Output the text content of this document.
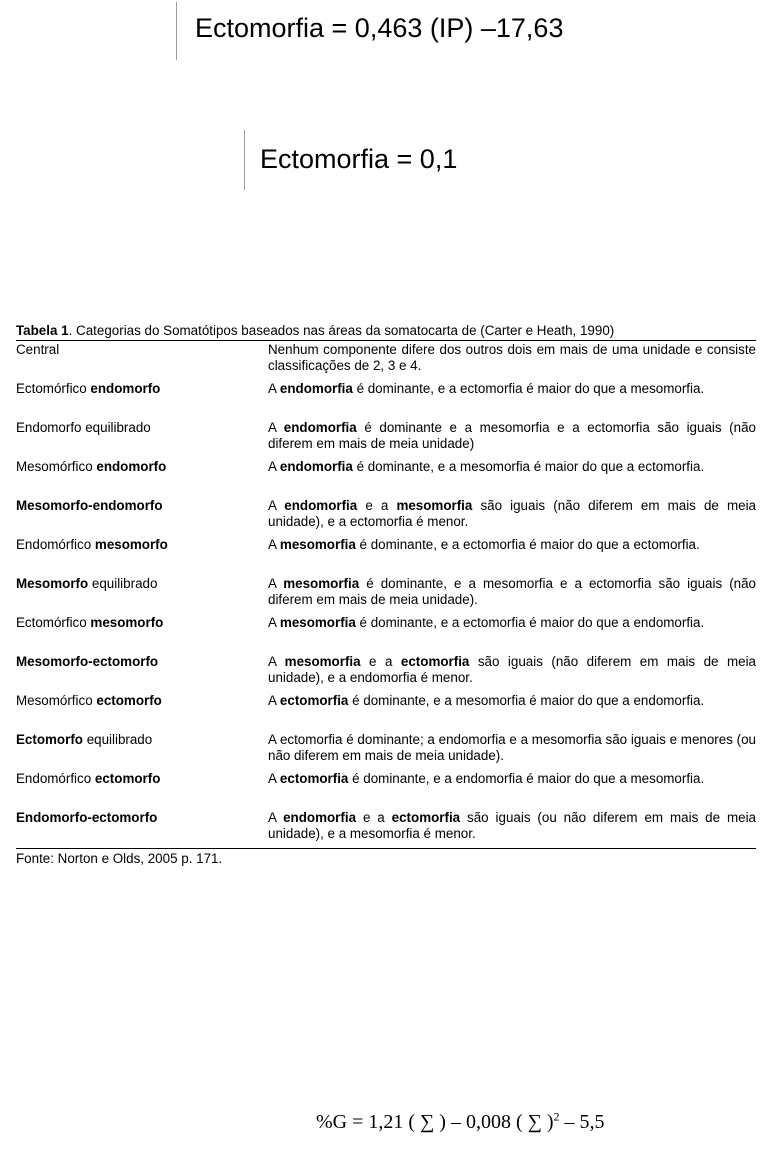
Ectomorfia = 0,463 (IP) –17,63
Ectomorfia = 0,1
Tabela 1. Categorias do Somatótipos baseados nas áreas da somatocarta de (Carter e Heath, 1990)
Central	Nenhum componente difere dos outros dois em mais de uma unidade e consiste classificações de 2, 3 e 4.
Ectomórfico endomorfo	A endomorfia é dominante, e a ectomorfia é maior do que a mesomorfia.
Endomorfo equilibrado	A endomorfia é dominante e a mesomorfia e a ectomorfia são iguais (não diferem em mais de meia unidade)
Mesomórfico endomorfo	A endomorfia é dominante, e a mesomorfia é maior do que a ectomorfia.
Mesomorfo-endomorfo	A endomorfia e a mesomorfia são iguais (não diferem em mais de meia unidade), e a ectomorfia é menor.
Endomórfico mesomorfo	A mesomorfia é dominante, e a ectomorfia é maior do que a ectomorfia.
Mesomorfo equilibrado	A mesomorfia é dominante, e a mesomorfia e a ectomorfia são iguais (não diferem em mais de meia unidade).
Ectomórfico mesomorfo	A mesomorfia é dominante, e a ectomorfia é maior do que a endomorfia.
Mesomorfo-ectomorfo	A mesomorfia e a ectomorfia são iguais (não diferem em mais de meia unidade), e a endomorfia é menor.
Mesomórfico ectomorfo	A ectomorfia é dominante, e a mesomorfia é maior do que a endomorfia.
Ectomorfo equilibrado	A ectomorfia é dominante; a endomorfia e a mesomorfia são iguais e menores (ou não diferem em mais de meia unidade).
Endomórfico ectomorfo	A ectomorfia é dominante, e a endomorfia é maior do que a mesomorfia.
Endomorfo-ectomorfo	A endomorfia e a ectomorfia são iguais (ou não diferem em mais de meia unidade), e a mesomorfia é menor.
Fonte: Norton e Olds, 2005 p. 171.
%G = 1,21 ( ∑ ) – 0,008 ( ∑ )$^2$ – 5,5
